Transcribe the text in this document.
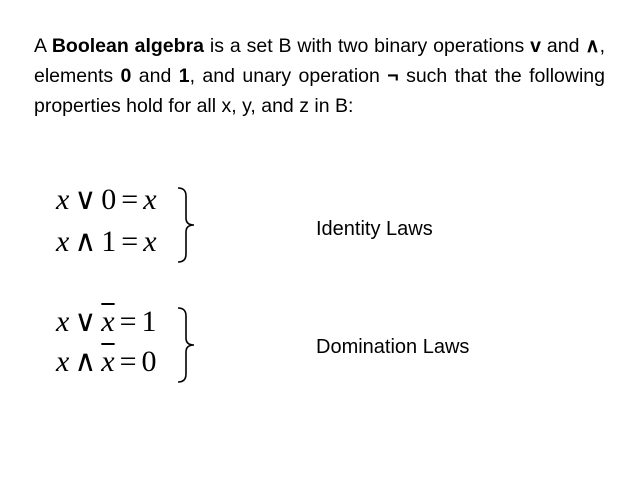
A Boolean algebra is a set B with two binary operations v and ∧, elements 0 and 1, and unary operation ¬ such that the following properties hold for all x, y, and z in B:

x ∨ 0 = x
x ∧ 1 = x	Identity Laws

x ∨ $\overline{x} = 1$
x ∧ $\overline{x} = 0$	Domination Laws
